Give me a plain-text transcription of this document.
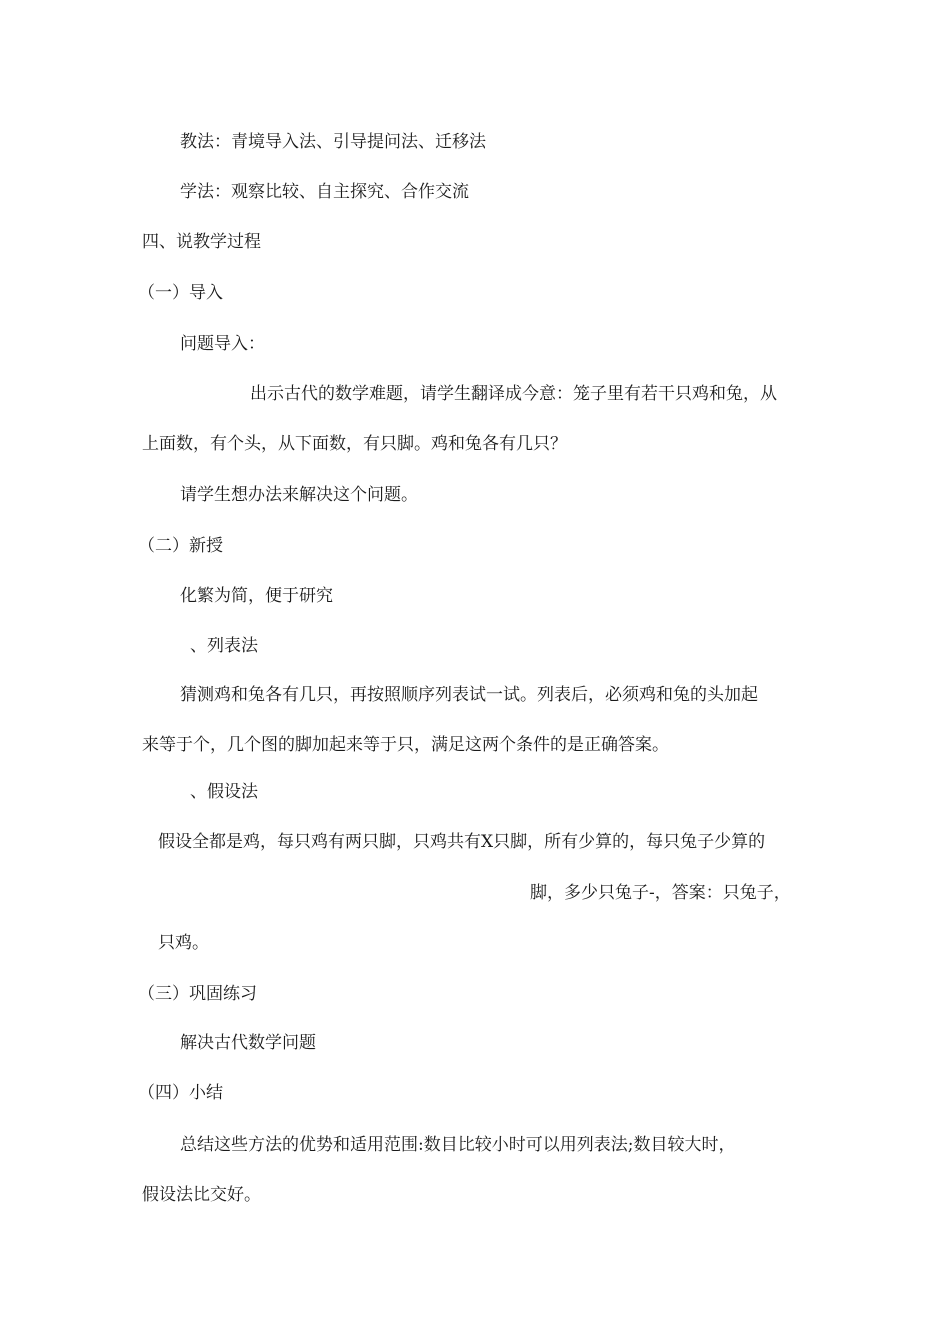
教法：青境导入法、引导提问法、迁移法
学法：观察比较、自主探究、合作交流
四、说教学过程
（一）导入
问题导入：
出示古代的数学难题，请学生翻译成今意：笼子里有若干只鸡和兔，从
上面数，有个头，从下面数，有只脚。鸡和兔各有几只？
请学生想办法来解决这个问题。
（二）新授
化繁为简，便于研究
、列表法
猜测鸡和兔各有几只，再按照顺序列表试一试。列表后，必须鸡和兔的头加起
来等于个，几个图的脚加起来等于只，满足这两个条件的是正确答案。
、假设法
假设全都是鸡，每只鸡有两只脚，只鸡共有X只脚，所有少算的，每只兔子少算的
脚，多少只兔子-，答案：只兔子，
只鸡。
（三）巩固练习
解决古代数学问题
（四）小结
总结这些方法的优势和适用范围:数目比较小时可以用列表法;数目较大时，
假设法比交好。
